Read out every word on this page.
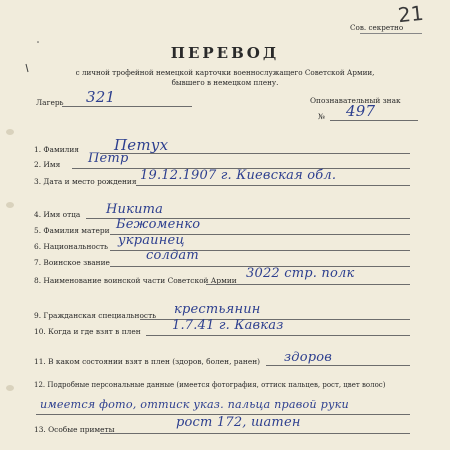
Сов. секретно
21
ПЕРЕВОД
с личной трофейной немецкой карточки военнослужащего Советской Армии,
бывшего в немецком плену.
Лагерь 321	Опознавательный знак
№ 497
1. Фамилия Петух
2. Имя Петр
3. Дата и место рождения 19.12.1907 г. Киевская обл.
4. Имя отца Никита
5. Фамилия матери Бежоменко
6. Национальность украинец
7. Воинское звание	солдат
8. Наименование воинской части Советской Армии 3022 стр. полк
9. Гражданская специальность крестьянин
10. Когда и где взят в плен 1.7.41 г. Кавказ
11. В каком состоянии взят в плен (здоров, болен, ранен) здоров
12. Подробные персональные данные (имеется фотография, оттиск пальцев, рост, цвет волос)
имеется фото, оттиск указ. пальца правой руки
13. Особые приметы	рост 172, шатен
